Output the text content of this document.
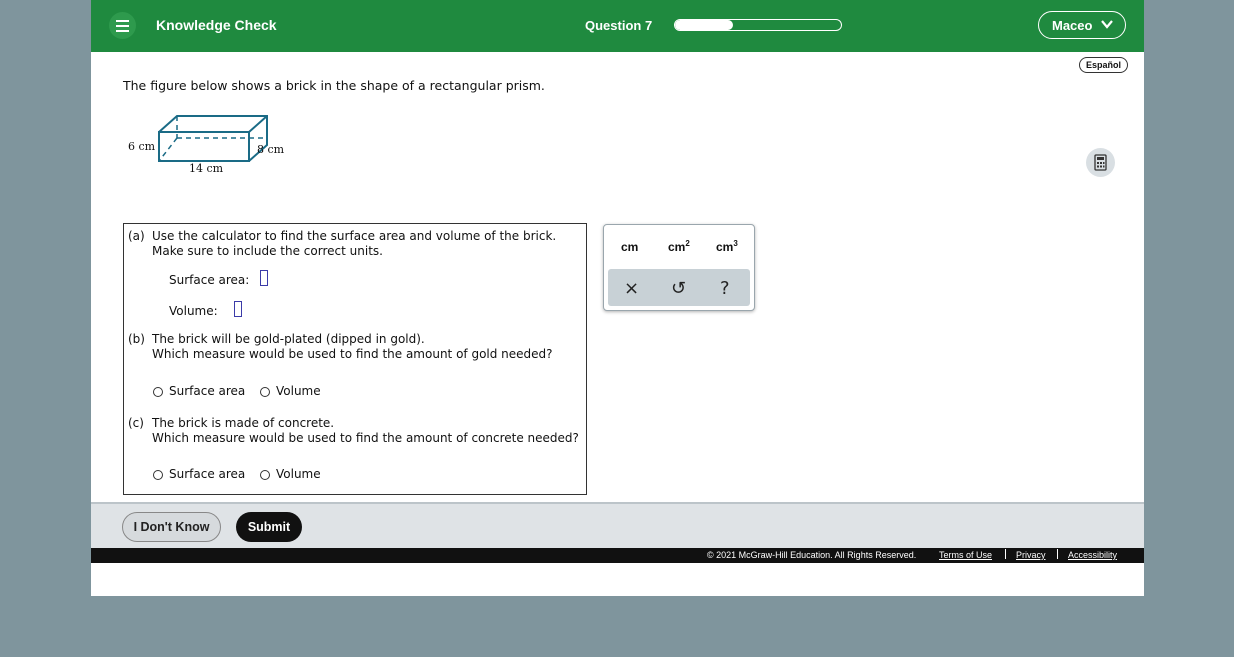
Knowledge Check	Question 7	Maceo
Español
The figure below shows a brick in the shape of a rectangular prism.
6 cm
14 cm
8 cm
(a) Use the calculator to find the surface area and volume of the brick.
Make sure to include the correct units.
Surface area:
Volume:
(b) The brick will be gold-plated (dipped in gold).
Which measure would be used to find the amount of gold needed?
Surface area	Volume
(c) The brick is made of concrete.
Which measure would be used to find the amount of concrete needed?
Surface area	Volume
cm $cm^2$ $cm^3$
× ↺ ?
I Don't Know	Submit
© 2021 McGraw-Hill Education. All Rights Reserved.	Terms of Use	Privacy Accessibility
